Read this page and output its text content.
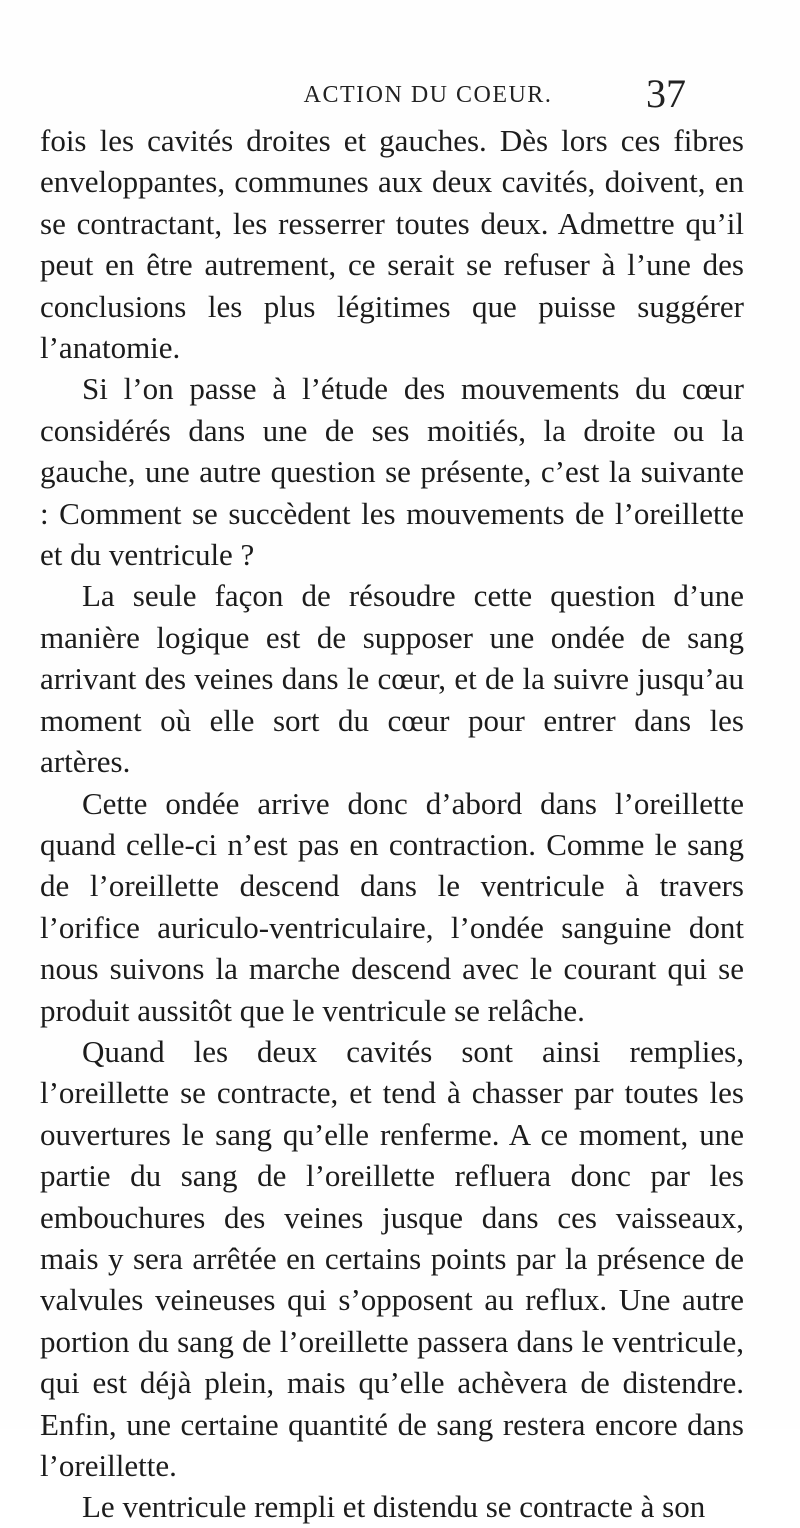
ACTION DU COEUR.	37

fois les cavités droites et gauches. Dès lors ces fibres enveloppantes, communes aux deux cavités, doivent, en se contractant, les resserrer toutes deux. Admettre qu’il peut en être autrement, ce serait se refuser à l’une des conclusions les plus légitimes que puisse suggérer l’anatomie.

Si l’on passe à l’étude des mouvements du cœur considérés dans une de ses moitiés, la droite ou la gauche, une autre question se présente, c’est la suivante : Comment se succèdent les mouvements de l’oreillette et du ventricule ?

La seule façon de résoudre cette question d’une manière logique est de supposer une ondée de sang arrivant des veines dans le cœur, et de la suivre jusqu’au moment où elle sort du cœur pour entrer dans les artères.

Cette ondée arrive donc d’abord dans l’oreillette quand celle-ci n’est pas en contraction. Comme le sang de l’oreillette descend dans le ventricule à travers l’orifice auriculo-ventriculaire, l’ondée sanguine dont nous suivons la marche descend avec le courant qui se produit aussitôt que le ventricule se relâche.

Quand les deux cavités sont ainsi remplies, l’oreillette se contracte, et tend à chasser par toutes les ouvertures le sang qu’elle renferme. A ce moment, une partie du sang de l’oreillette refluera donc par les embouchures des veines jusque dans ces vaisseaux, mais y sera arrêtée en certains points par la présence de valvules veineuses qui s’opposent au reflux. Une autre portion du sang de l’oreillette passera dans le ventricule, qui est déjà plein, mais qu’elle achèvera de distendre. Enfin, une certaine quantité de sang restera encore dans l’oreillette.

Le ventricule rempli et distendu se contracte à son
